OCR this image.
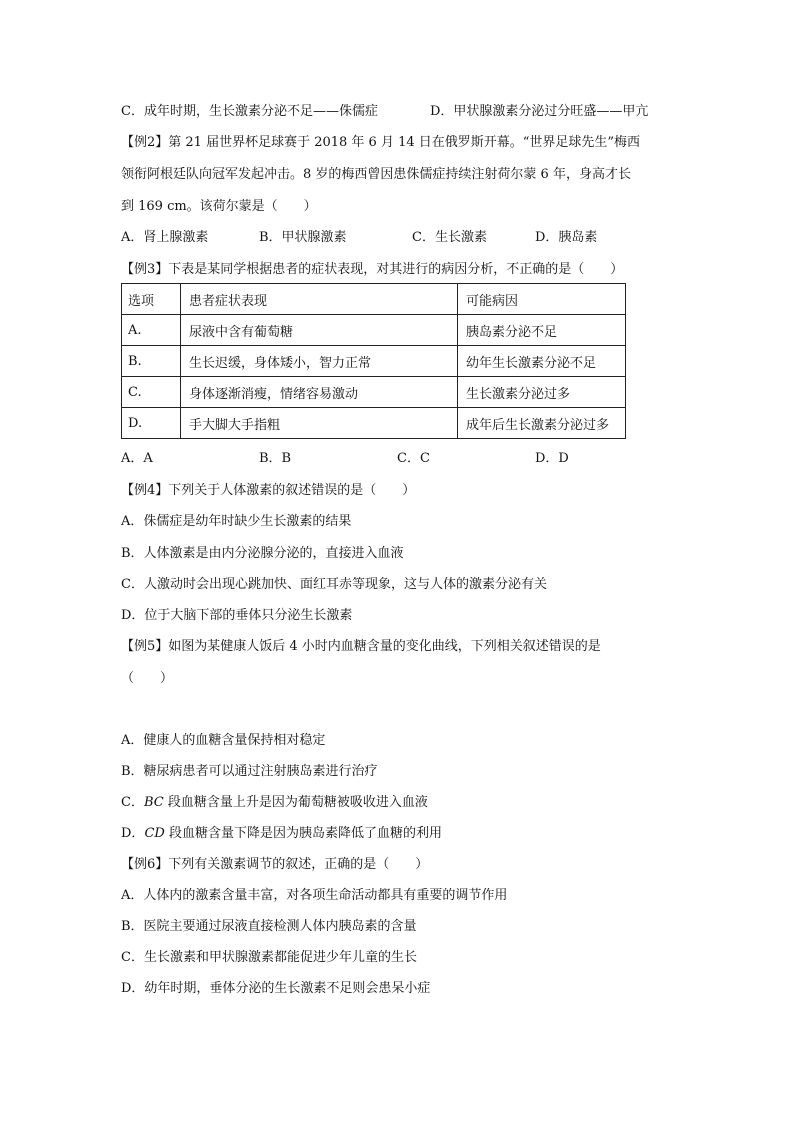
C．成年时期，生长激素分泌不足——侏儒症	D．甲状腺激素分泌过分旺盛——甲亢
【例2】第 21 届世界杯足球赛于 2018 年 6 月 14 日在俄罗斯开幕。“世界足球先生”梅西
领衔阿根廷队向冠军发起冲击。8 岁的梅西曾因患侏儒症持续注射荷尔蒙 6 年，身高才长
到 169 cm。该荷尔蒙是（　　）
A．肾上腺激素	B．甲状腺激素	C．生长激素	D．胰岛素
【例3】下表是某同学根据患者的症状表现，对其进行的病因分析，不正确的是（　　）
选项	患者症状表现	可能病因
A.	尿液中含有葡萄糖	胰岛素分泌不足
B.	生长迟缓，身体矮小，智力正常	幼年生长激素分泌不足
C.	身体逐渐消瘦，情绪容易激动	生长激素分泌过多
D.	手大脚大手指粗	成年后生长激素分泌过多
A．A	B．B	C．C	D．D
【例4】下列关于人体激素的叙述错误的是（　　）
A．侏儒症是幼年时缺少生长激素的结果
B．人体激素是由内分泌腺分泌的，直接进入血液
C．人激动时会出现心跳加快、面红耳赤等现象，这与人体的激素分泌有关
D．位于大脑下部的垂体只分泌生长激素
【例5】如图为某健康人饭后 4 小时内血糖含量的变化曲线，下列相关叙述错误的是
（　　）
A．健康人的血糖含量保持相对稳定
B．糖尿病患者可以通过注射胰岛素进行治疗
C．BC 段血糖含量上升是因为葡萄糖被吸收进入血液
D．CD 段血糖含量下降是因为胰岛素降低了血糖的利用
【例6】下列有关激素调节的叙述，正确的是（　　）
A．人体内的激素含量丰富，对各项生命活动都具有重要的调节作用
B．医院主要通过尿液直接检测人体内胰岛素的含量
C．生长激素和甲状腺激素都能促进少年儿童的生长
D．幼年时期，垂体分泌的生长激素不足则会患呆小症
